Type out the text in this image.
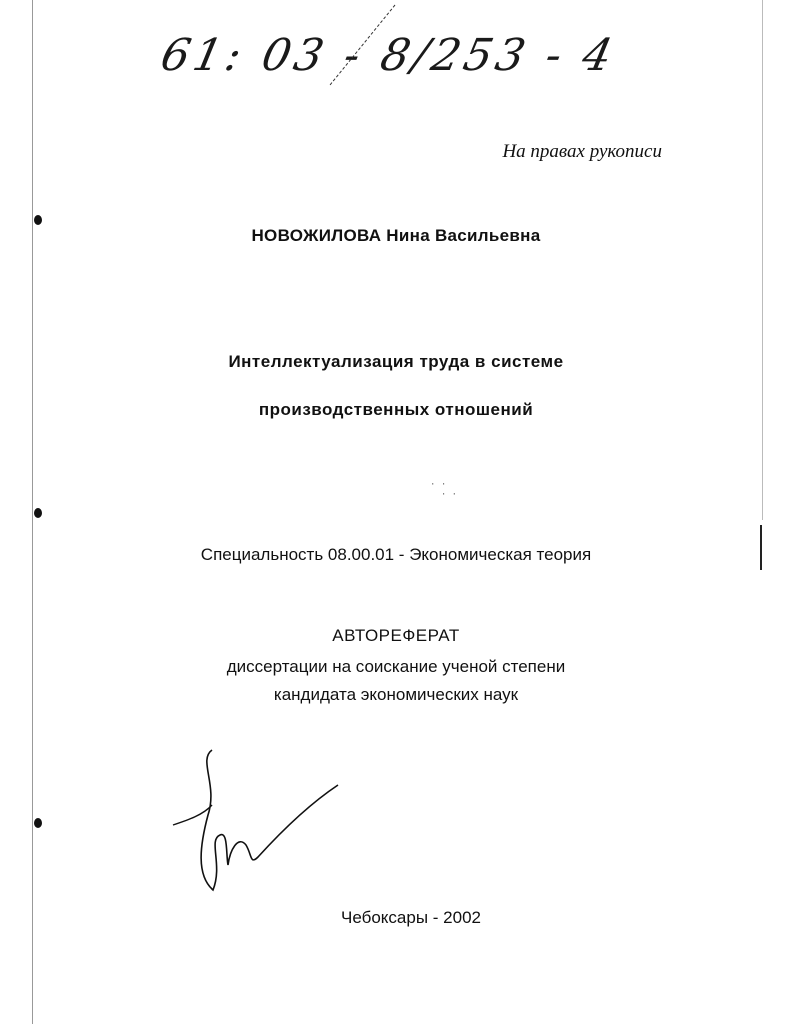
61: 03 - 8/253 - 4
На правах рукописи
НОВОЖИЛОВА Нина Васильевна
Интеллектуализация труда в системе
производственных отношений
Специальность 08.00.01 - Экономическая теория
АВТОРЕФЕРАТ
диссертации на соискание ученой степени
кандидата экономических наук
Чебоксары - 2002
· ·
· ·
